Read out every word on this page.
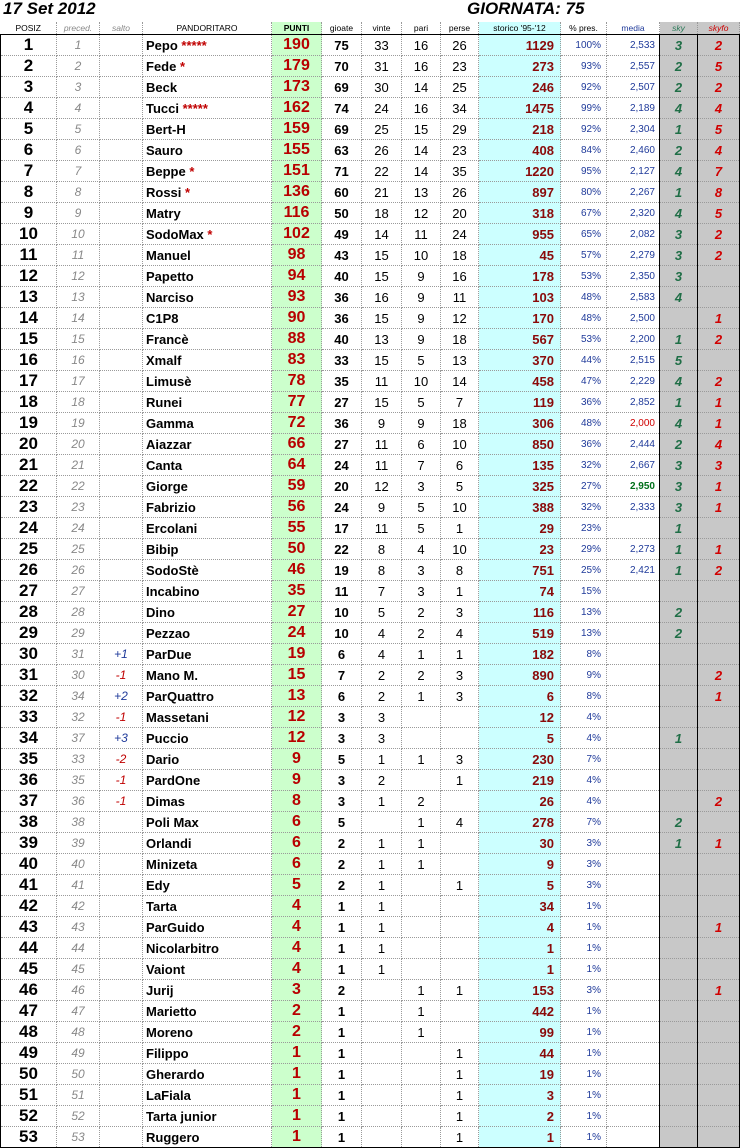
17 Set 2012	GIORNATA: 75
POSIZ	preced.	salto	PANDORITARO	PUNTI	gioate	vinte	pari	perse	storico '95-'12	% pres.	media	sky	skyfo
1	1		Pepo *****	190	75	33	16	26	1129	100%	2,533	3	2
2	2		Fede *	179	70	31	16	23	273	93%	2,557	2	5
3	3		Beck	173	69	30	14	25	246	92%	2,507	2	2
4	4		Tucci *****	162	74	24	16	34	1475	99%	2,189	4	4
5	5		Bert-H	159	69	25	15	29	218	92%	2,304	1	5
6	6		Sauro	155	63	26	14	23	408	84%	2,460	2	4
7	7		Beppe *	151	71	22	14	35	1220	95%	2,127	4	7
8	8		Rossi *	136	60	21	13	26	897	80%	2,267	1	8
9	9		Matry	116	50	18	12	20	318	67%	2,320	4	5
10	10		SodoMax *	102	49	14	11	24	955	65%	2,082	3	2
11	11		Manuel	98	43	15	10	18	45	57%	2,279	3	2
12	12		Papetto	94	40	15	9	16	178	53%	2,350	3	
13	13		Narciso	93	36	16	9	11	103	48%	2,583	4	
14	14		C1P8	90	36	15	9	12	170	48%	2,500		1
15	15		Francè	88	40	13	9	18	567	53%	2,200	1	2
16	16		Xmalf	83	33	15	5	13	370	44%	2,515	5	
17	17		Limusè	78	35	11	10	14	458	47%	2,229	4	2
18	18		Runei	77	27	15	5	7	119	36%	2,852	1	1
19	19		Gamma	72	36	9	9	18	306	48%	2,000	4	1
20	20		Aiazzar	66	27	11	6	10	850	36%	2,444	2	4
21	21		Canta	64	24	11	7	6	135	32%	2,667	3	3
22	22		Giorge	59	20	12	3	5	325	27%	2,950	3	1
23	23		Fabrizio	56	24	9	5	10	388	32%	2,333	3	1
24	24		Ercolani	55	17	11	5	1	29	23%		1	
25	25		Bibip	50	22	8	4	10	23	29%	2,273	1	1
26	26		SodoStè	46	19	8	3	8	751	25%	2,421	1	2
27	27		Incabino	35	11	7	3	1	74	15%			
28	28		Dino	27	10	5	2	3	116	13%		2	
29	29		Pezzao	24	10	4	2	4	519	13%		2	
30	31	+1	ParDue	19	6	4	1	1	182	8%			
31	30	-1	Mano M.	15	7	2	2	3	890	9%			2
32	34	+2	ParQuattro	13	6	2	1	3	6	8%			1
33	32	-1	Massetani	12	3	3			12	4%			
34	37	+3	Puccio	12	3	3			5	4%		1	
35	33	-2	Dario	9	5	1	1	3	230	7%			
36	35	-1	PardOne	9	3	2		1	219	4%			
37	36	-1	Dimas	8	3	1	2		26	4%			2
38	38		Poli Max	6	5		1	4	278	7%		2	
39	39		Orlandi	6	2	1	1		30	3%		1	1
40	40		Minizeta	6	2	1	1		9	3%			
41	41		Edy	5	2	1		1	5	3%			
42	42		Tarta	4	1	1			34	1%			
43	43		ParGuido	4	1	1			4	1%			1
44	44		Nicolarbitro	4	1	1			1	1%			
45	45		Vaiont	4	1	1			1	1%			
46	46		Jurij	3	2		1	1	153	3%			1
47	47		Marietto	2	1		1		442	1%			
48	48		Moreno	2	1		1		99	1%			
49	49		Filippo	1	1			1	44	1%			
50	50		Gherardo	1	1			1	19	1%			
51	51		LaFiala	1	1			1	3	1%			
52	52		Tarta junior	1	1			1	2	1%			
53	53		Ruggero	1	1			1	1	1%			
